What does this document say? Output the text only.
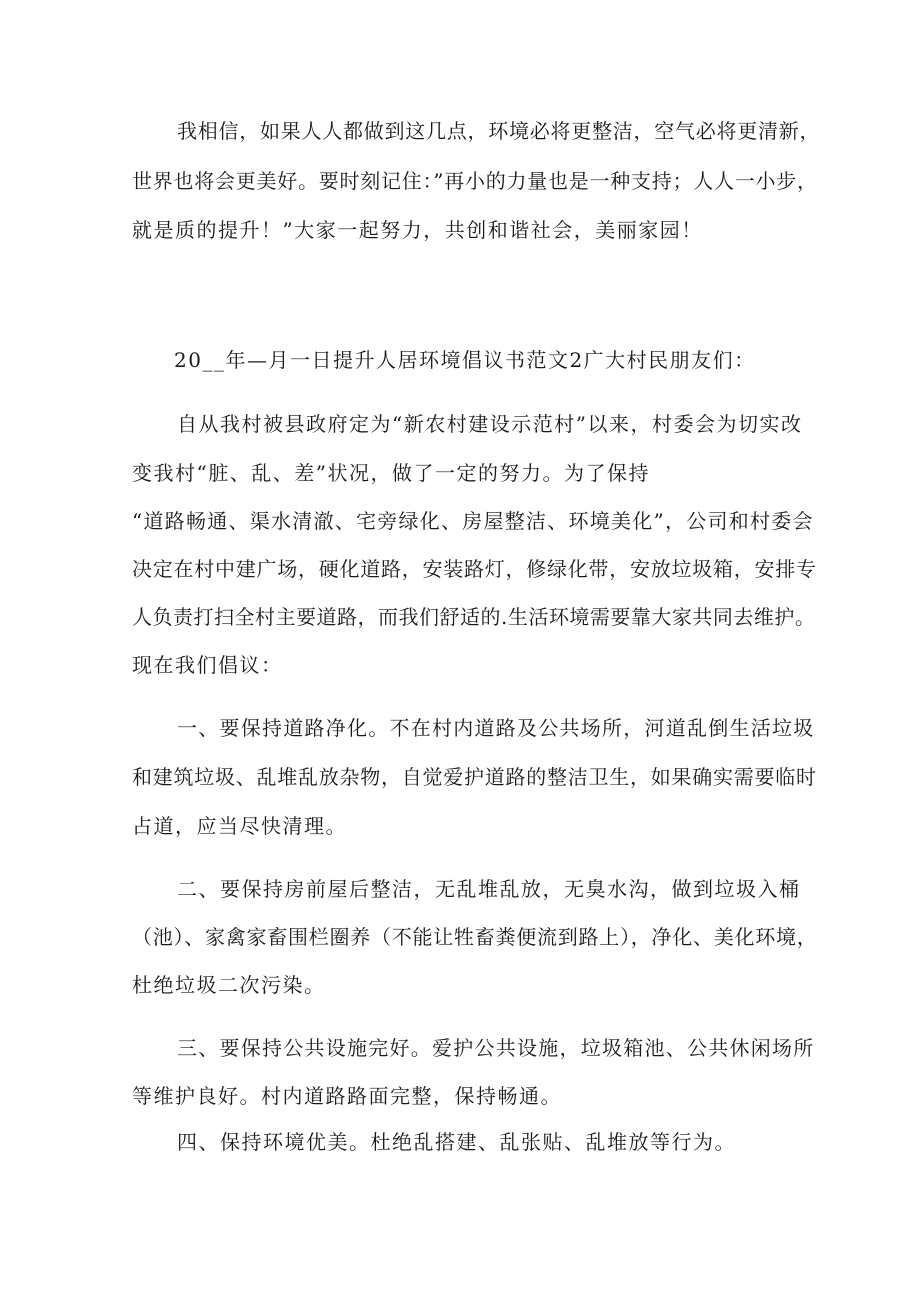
我相信，如果人人都做到这几点，环境必将更整洁，空气必将更清新，
世界也将会更美好。要时刻记住：”再小的力量也是一种支持；人人一小步，
就是质的提升！”大家一起努力，共创和谐社会，美丽家园！
20__年—月一日提升人居环境倡议书范文2广大村民朋友们：
自从我村被县政府定为“新农村建设示范村”以来，村委会为切实改
变我村“脏、乱、差”状况，做了一定的努力。为了保持
“道路畅通、渠水清澈、宅旁绿化、房屋整洁、环境美化”，公司和村委会
决定在村中建广场，硬化道路，安装路灯，修绿化带，安放垃圾箱，安排专
人负责打扫全村主要道路，而我们舒适的.生活环境需要靠大家共同去维护。
现在我们倡议：
一、要保持道路净化。不在村内道路及公共场所，河道乱倒生活垃圾
和建筑垃圾、乱堆乱放杂物，自觉爱护道路的整洁卫生，如果确实需要临时
占道，应当尽快清理。
二、要保持房前屋后整洁，无乱堆乱放，无臭水沟，做到垃圾入桶
（池）、家禽家畜围栏圈养（不能让牲畜粪便流到路上），净化、美化环境，
杜绝垃圾二次污染。
三、要保持公共设施完好。爱护公共设施，垃圾箱池、公共休闲场所
等维护良好。村内道路路面完整，保持畅通。
四、保持环境优美。杜绝乱搭建、乱张贴、乱堆放等行为。
